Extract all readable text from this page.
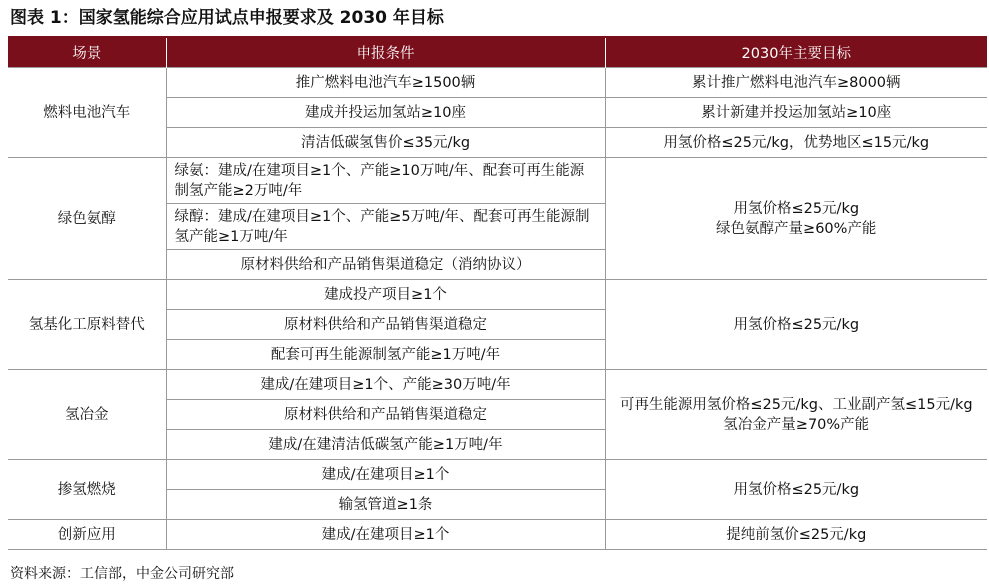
图表 1：国家氢能综合应用试点申报要求及 2030 年目标
场景	申报条件	2030年主要目标
燃料电池汽车	推广燃料电池汽车≥1500辆	累计推广燃料电池汽车≥8000辆
	建成并投运加氢站≥10座	累计新建并投运加氢站≥10座
	清洁低碳氢售价≤35元/kg	用氢价格≤25元/kg，优势地区≤15元/kg
绿色氨醇	绿氨：建成/在建项目≥1个、产能≥10万吨/年、配套可再生能源制氢产能≥2万吨/年	用氢价格≤25元/kg
绿色氨醇产量≥60%产能

	绿醇：建成/在建项目≥1个、产能≥5万吨/年、配套可再生能源制氢产能≥1万吨/年	
	原材料供给和产品销售渠道稳定（消纳协议）	
氢基化工原料替代	建成投产项目≥1个	用氢价格≤25元/kg

	原材料供给和产品销售渠道稳定	
	配套可再生能源制氢产能≥1万吨/年	
氢冶金	建成/在建项目≥1个、产能≥30万吨/年	可再生能源用氢价格≤25元/kg、工业副产氢≤15元/kg
氢冶金产量≥70%产能

	原材料供给和产品销售渠道稳定	
	建成/在建清洁低碳氢产能≥1万吨/年	
掺氢燃烧	建成/在建项目≥1个	用氢价格≤25元/kg

	输氢管道≥1条	
创新应用	建成/在建项目≥1个	提纯前氢价≤25元/kg
资料来源：工信部，中金公司研究部
